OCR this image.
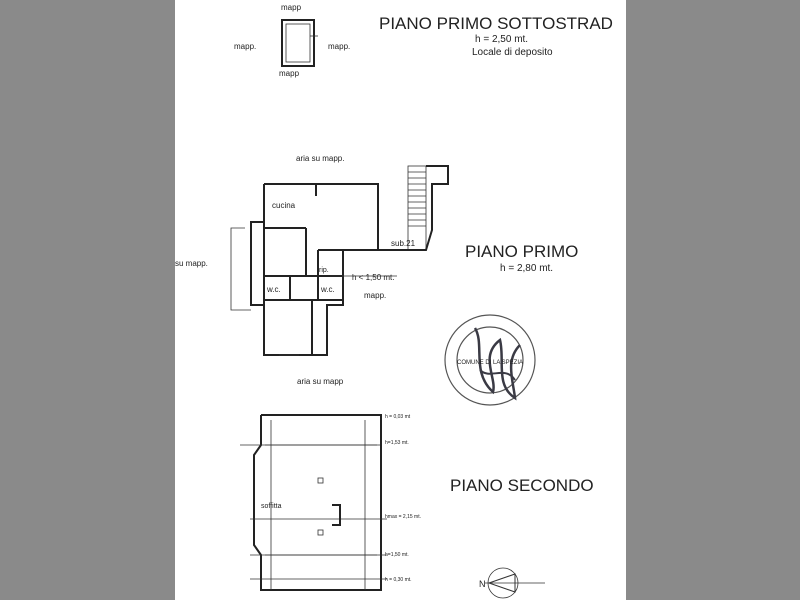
mapp
mapp.	mapp.
mapp
PIANO PRIMO SOTTOSTRAD
h = 2,50 mt.
Locale di deposito
aria su mapp.
su mapp.
aria su mapp
cucina
w.c.	w.c.
rip.
h < 1,50 mt.
sub.21
mapp.
PIANO PRIMO
h = 2,80 mt.
COMUNE DI LA SPEZIA
soffitta
h = 0,03 mt
h=1,53 mt.
hmax = 2,15 mt.
h=1,50 mt.
h = 0,30 mt.
PIANO SECONDO
N
